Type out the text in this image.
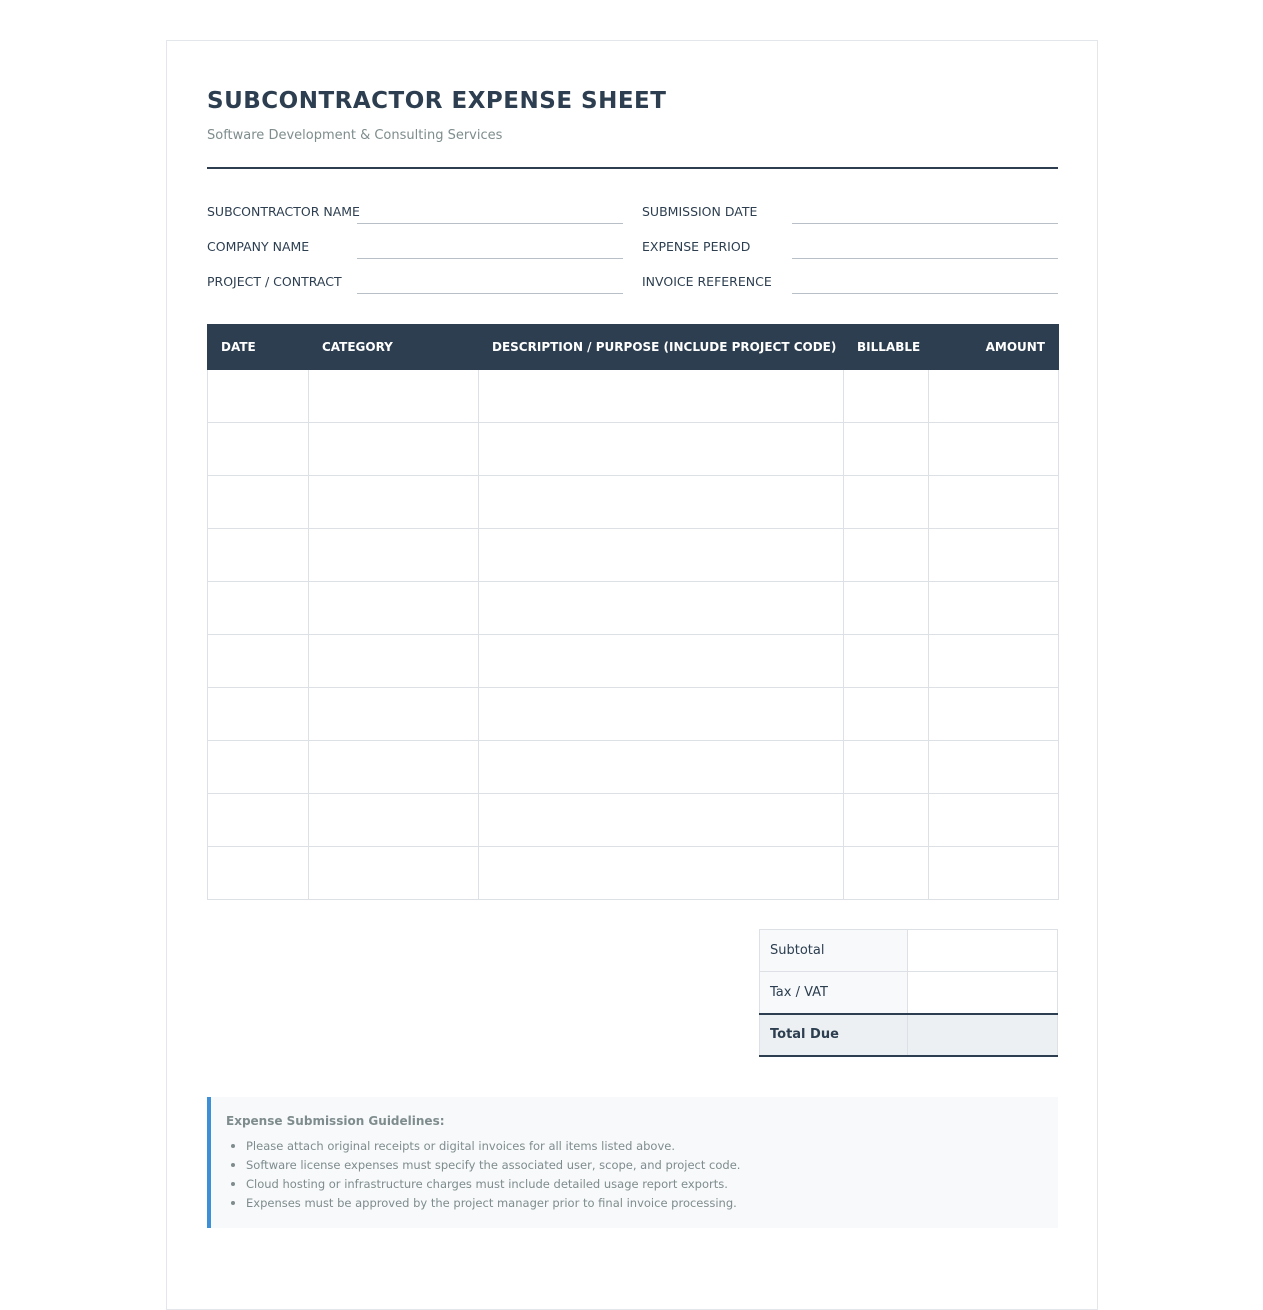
SUBCONTRACTOR EXPENSE SHEET
Software Development & Consulting Services
SUBCONTRACTOR NAME
COMPANY NAME
PROJECT / CONTRACT
SUBMISSION DATE
EXPENSE PERIOD
INVOICE REFERENCE
DATE	CATEGORY	DESCRIPTION / PURPOSE (INCLUDE PROJECT CODE)	BILLABLE	AMOUNT

Subtotal	
Tax / VAT	
Total Due	
Expense Submission Guidelines:
Please attach original receipts or digital invoices for all items listed above.
Software license expenses must specify the associated user, scope, and project code.
Cloud hosting or infrastructure charges must include detailed usage report exports.
Expenses must be approved by the project manager prior to final invoice processing.
